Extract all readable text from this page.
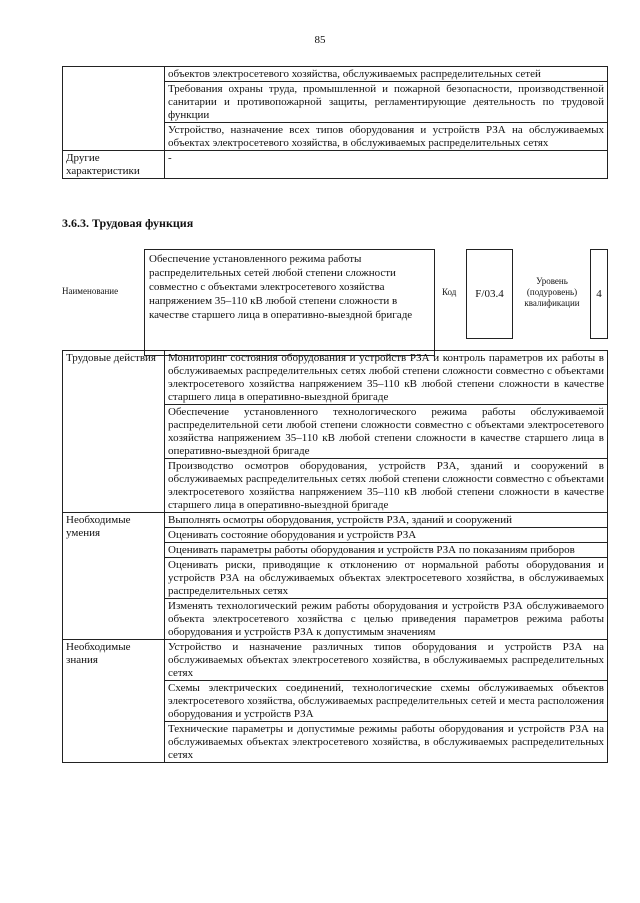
85
	объектов электросетевого хозяйства, обслуживаемых распределительных сетей
	Требования охраны труда, промышленной и пожарной безопасности, производственной санитарии и противопожарной защиты, регламентирующие деятельность по трудовой функции
	Устройство, назначение всех типов оборудования и устройств РЗА на обслуживаемых объектах электросетевого хозяйства, в обслуживаемых распределительных сетях
Другие характеристики	-
3.6.3. Трудовая функция
Наименование
Обеспечение установленного режима работы распределительных сетей любой степени сложности совместно с объектами электросетевого хозяйства напряжением 35–110 кВ любой степени сложности в качестве старшего лица в оперативно-выездной бригаде
Код	F/03.4
Уровень (подуровень) квалификации
4
Трудовые действия	Мониторинг состояния оборудования и устройств РЗА и контроль параметров их работы в обслуживаемых распределительных сетях любой степени сложности совместно с объектами электросетевого хозяйства напряжением 35–110 кВ любой степени сложности в качестве старшего лица в оперативно-выездной бригаде
	Обеспечение установленного технологического режима работы обслуживаемой распределительной сети любой степени сложности совместно с объектами электросетевого хозяйства напряжением 35–110 кВ любой степени сложности в качестве старшего лица в оперативно-выездной бригаде
	Производство осмотров оборудования, устройств РЗА, зданий и сооружений в обслуживаемых распределительных сетях любой степени сложности совместно с объектами электросетевого хозяйства напряжением 35–110 кВ любой степени сложности в качестве старшего лица в оперативно-выездной бригаде
Необходимые умения	Выполнять осмотры оборудования, устройств РЗА, зданий и сооружений
	Оценивать состояние оборудования и устройств РЗА
	Оценивать параметры работы оборудования и устройств РЗА по показаниям приборов
	Оценивать риски, приводящие к отклонению от нормальной работы оборудования и устройств РЗА на обслуживаемых объектах электросетевого хозяйства, в обслуживаемых распределительных сетях
	Изменять технологический режим работы оборудования и устройств РЗА обслуживаемого объекта электросетевого хозяйства с целью приведения параметров режима работы оборудования и устройств РЗА к допустимым значениям
Необходимые знания	Устройство и назначение различных типов оборудования и устройств РЗА на обслуживаемых объектах электросетевого хозяйства, в обслуживаемых распределительных сетях
	Схемы электрических соединений, технологические схемы обслуживаемых объектов электросетевого хозяйства, обслуживаемых распределительных сетей и места расположения оборудования и устройств РЗА
	Технические параметры и допустимые режимы работы оборудования и устройств РЗА на обслуживаемых объектах электросетевого хозяйства, в обслуживаемых распределительных сетях
